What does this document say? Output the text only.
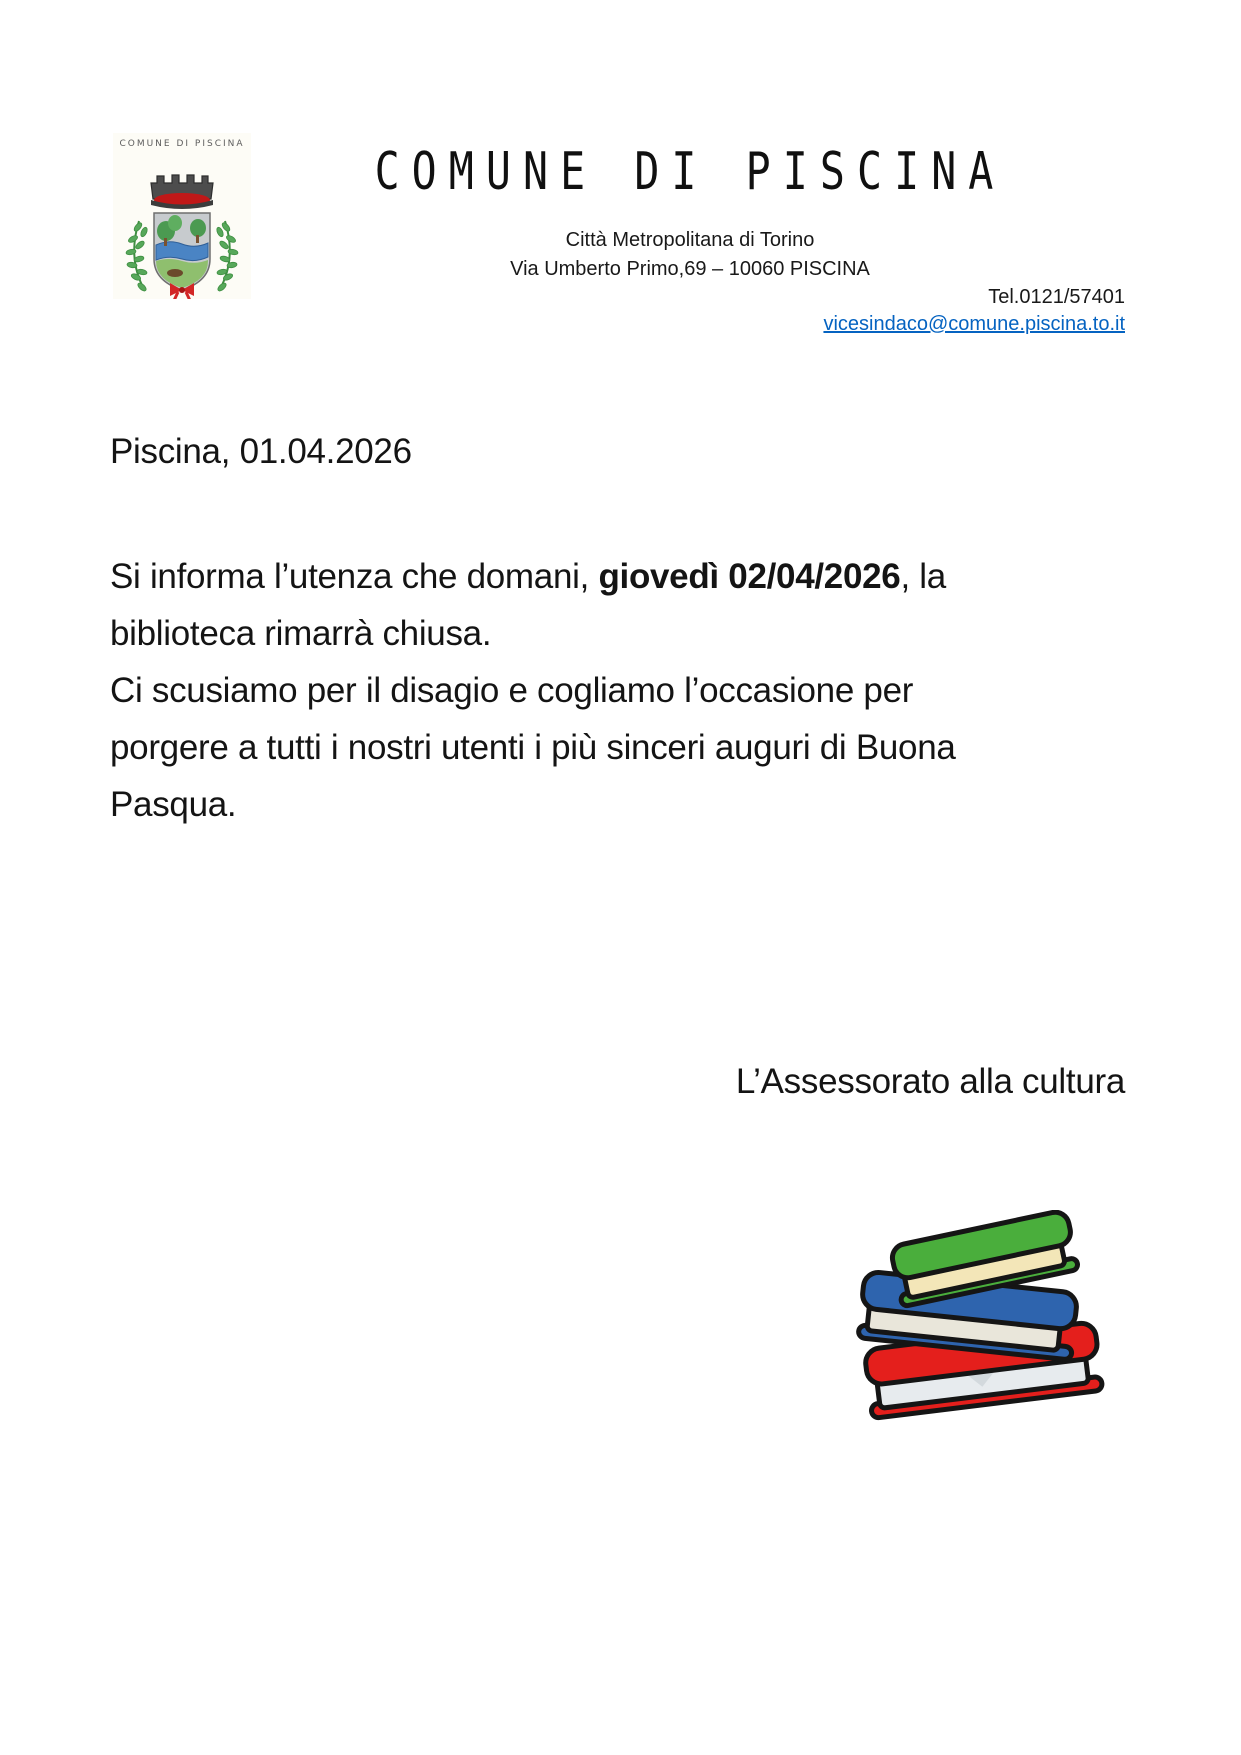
COMUNE DI PISCINA	COMUNE DI PISCINA
Città Metropolitana di Torino
Via Umberto Primo,69 – 10060 PISCINA
Tel.0121/57401
vicesindaco@comune.piscina.to.it
Piscina, 01.04.2026
Si informa l’utenza che domani, giovedì 02/04/2026, la
biblioteca rimarrà chiusa.
Ci scusiamo per il disagio e cogliamo l’occasione per
porgere a tutti i nostri utenti i più sinceri auguri di Buona
Pasqua.
L’Assessorato alla cultura
